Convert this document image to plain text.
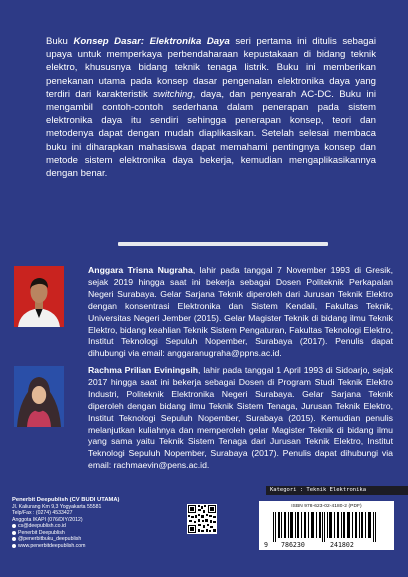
Buku Konsep Dasar: Elektronika Daya seri pertama ini ditulis sebagai upaya untuk memperkaya perbendaharaan kepustakaan di bidang teknik elektro, khususnya bidang teknik tenaga listrik. Buku ini memberikan penekanan utama pada konsep dasar pengenalan elektronika daya yang terdiri dari karakteristik switching, daya, dan penyearah AC-DC. Buku ini mengambil contoh-contoh sederhana dalam penerapan pada sistem elektronika daya itu sendiri sehingga penerapan konsep, teori dan metodenya dapat dengan mudah diaplikasikan. Setelah selesai membaca buku ini diharapkan mahasiswa dapat memahami pentingnya konsep dan metode sistem elektronika daya bekerja, kemudian mengaplikasikannya dengan benar.
Anggara Trisna Nugraha, lahir pada tanggal 7 November 1993 di Gresik, sejak 2019 hingga saat ini bekerja sebagai Dosen Politeknik Perkapalan Negeri Surabaya. Gelar Sarjana Teknik diperoleh dari Jurusan Teknik Elektro dengan konsentrasi Elektronika dan Sistem Kendali, Fakultas Teknik, Universitas Negeri Jember (2015). Gelar Magister Teknik di bidang ilmu Teknik Elektro, bidang keahlian Teknik Sistem Pengaturan, Fakultas Teknologi Elektro, Institut Teknologi Sepuluh Nopember, Surabaya (2017). Penulis dapat dihubungi via email: anggaranugraha@ppns.ac.id.
Rachma Prilian Eviningsih, lahir pada tanggal 1 April 1993 di Sidoarjo, sejak 2017 hingga saat ini bekerja sebagai Dosen di Program Studi Teknik Elektro Industri, Politeknik Elektronika Negeri Surabaya. Gelar Sarjana Teknik diperoleh dengan bidang ilmu Teknik Sistem Tenaga, Jurusan Teknik Elektro, Institut Teknologi Sepuluh Nopember, Surabaya (2015). Kemudian penulis melanjutkan kuliahnya dan memperoleh gelar Magister Teknik di bidang ilmu yang sama yaitu Teknik Sistem Tenaga dari Jurusan Teknik Elektro, Institut Teknologi Sepuluh Nopember, Surabaya (2017). Penulis dapat dihubungi via email: rachmaevin@pens.ac.id.
Penerbit Deepublish (CV BUDI UTAMA)
Jl. Kaliurang Km 9,3 Yogyakarta 55581
Telp/Fax : (0274) 4533427
Anggota IKAPI (076/DIY/2012)
cs@deepublish.co.id
Penerbit Deepublish
@penerbitbuku_deepublish
www.penerbitdeepublish.com
Kategori : Teknik Elektronika
ISBN 978-623-02-4180-2 (PDF)
9 786230	241802
